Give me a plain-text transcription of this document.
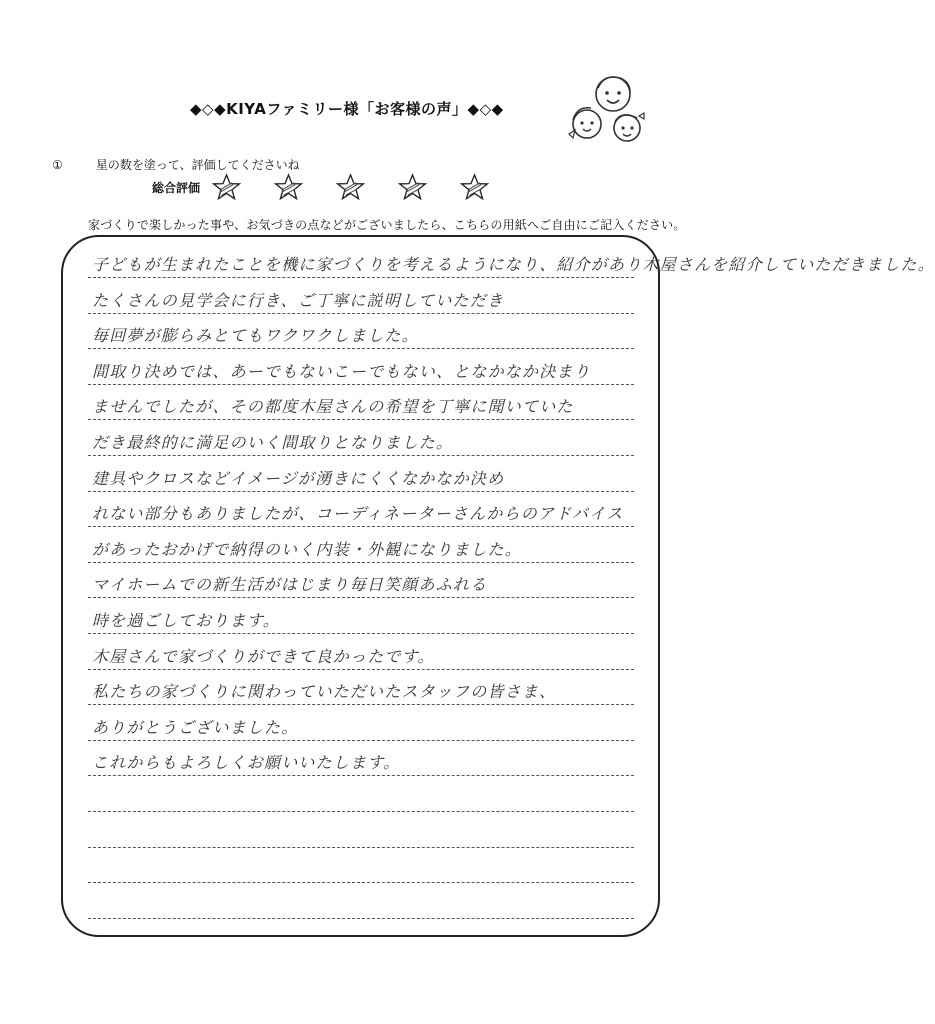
◆◇◆KIYAファミリー様「お客様の声」◆◇◆
①	星の数を塗って、評価してくださいね
総合評価
家づくりで楽しかった事や、お気づきの点などがございましたら、こちらの用紙へご自由にご記入ください。
子どもが生まれたことを機に家づくりを考えるようになり、紹介があり木屋さんを紹介していただきました。
たくさんの見学会に行き、ご丁寧に説明していただき
毎回夢が膨らみとてもワクワクしました。
間取り決めでは、あーでもないこーでもない、となかなか決まり
ませんでしたが、その都度木屋さんの希望を丁寧に聞いていた
だき最終的に満足のいく間取りとなりました。
建具やクロスなどイメージが湧きにくくなかなか決め
れない部分もありましたが、コーディネーターさんからのアドバイス
があったおかげで納得のいく内装・外観になりました。
マイホームでの新生活がはじまり毎日笑顔あふれる
時を過ごしております。
木屋さんで家づくりができて良かったです。
私たちの家づくりに関わっていただいたスタッフの皆さま、
ありがとうございました。
これからもよろしくお願いいたします。
